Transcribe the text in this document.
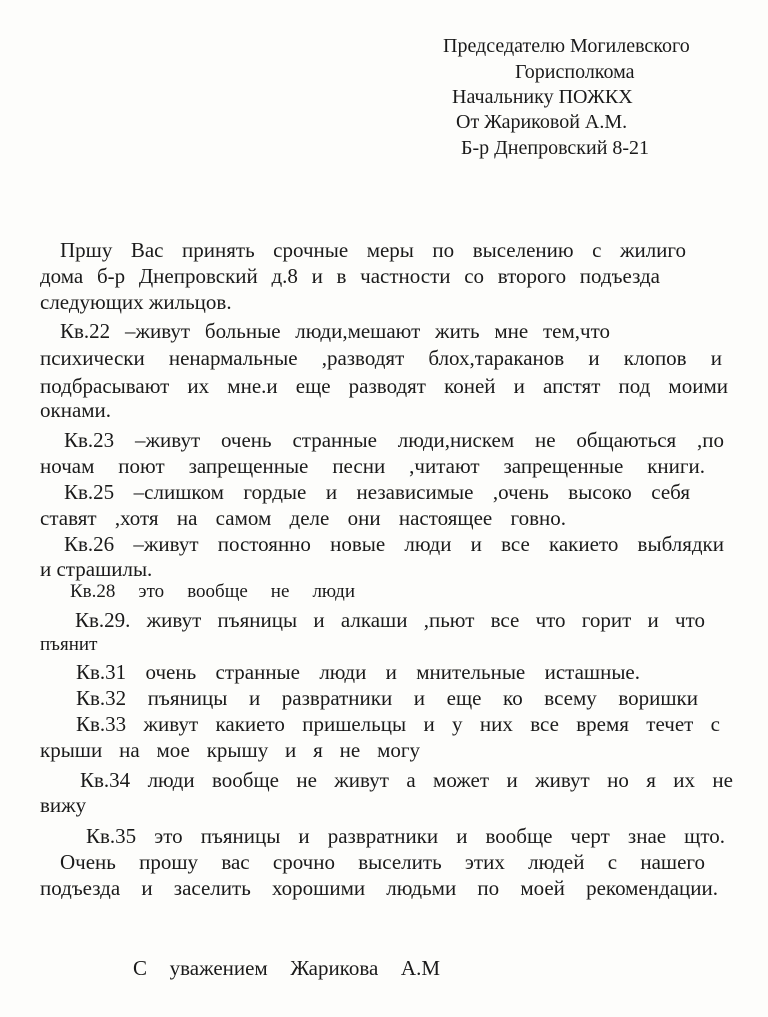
Председателю Могилевского
Горисполкома
Начальнику ПОЖКХ
От Жариковой А.М.
Б-р Днепровский 8-21
Пршу Вас принять срочные меры по выселению с жилиго
дома б-р Днепровский д.8 и в частности со второго подъезда
следующих жильцов.
Кв.22 –живут больные люди,мешают жить мне тем,что
психически ненармальные ,разводят блох,тараканов и клопов и
подбрасывают их мне.и еще разводят коней и апстят под моими
окнами.
Кв.23 –живут очень странные люди,нискем не общаються ,по
ночам поют запрещенные песни ,читают запрещенные книги.
Кв.25 –слишком гордые и независимые ,очень высоко себя
ставят ,хотя на самом деле они настоящее говно.
Кв.26 –живут постоянно новые люди и все какието выблядки
и страшилы.
Кв.28 это вообще не люди
Кв.29. живут пъяницы и алкаши ,пьют все что горит и что
пъянит
Кв.31 очень странные люди и мнительные исташные.
Кв.32 пъяницы и развратники и еще ко всему воришки
Кв.33 живут какието пришельцы и у них все время течет с
крыши на мое крышу и я не могу
Кв.34 люди вообще не живут а может и живут но я их не
вижу
Кв.35 это пъяницы и развратники и вообще черт знае щто.
Очень прошу вас срочно выселить этих людей с нашего
подъезда и заселить хорошими людьми по моей рекомендации.
С уважением Жарикова А.М
